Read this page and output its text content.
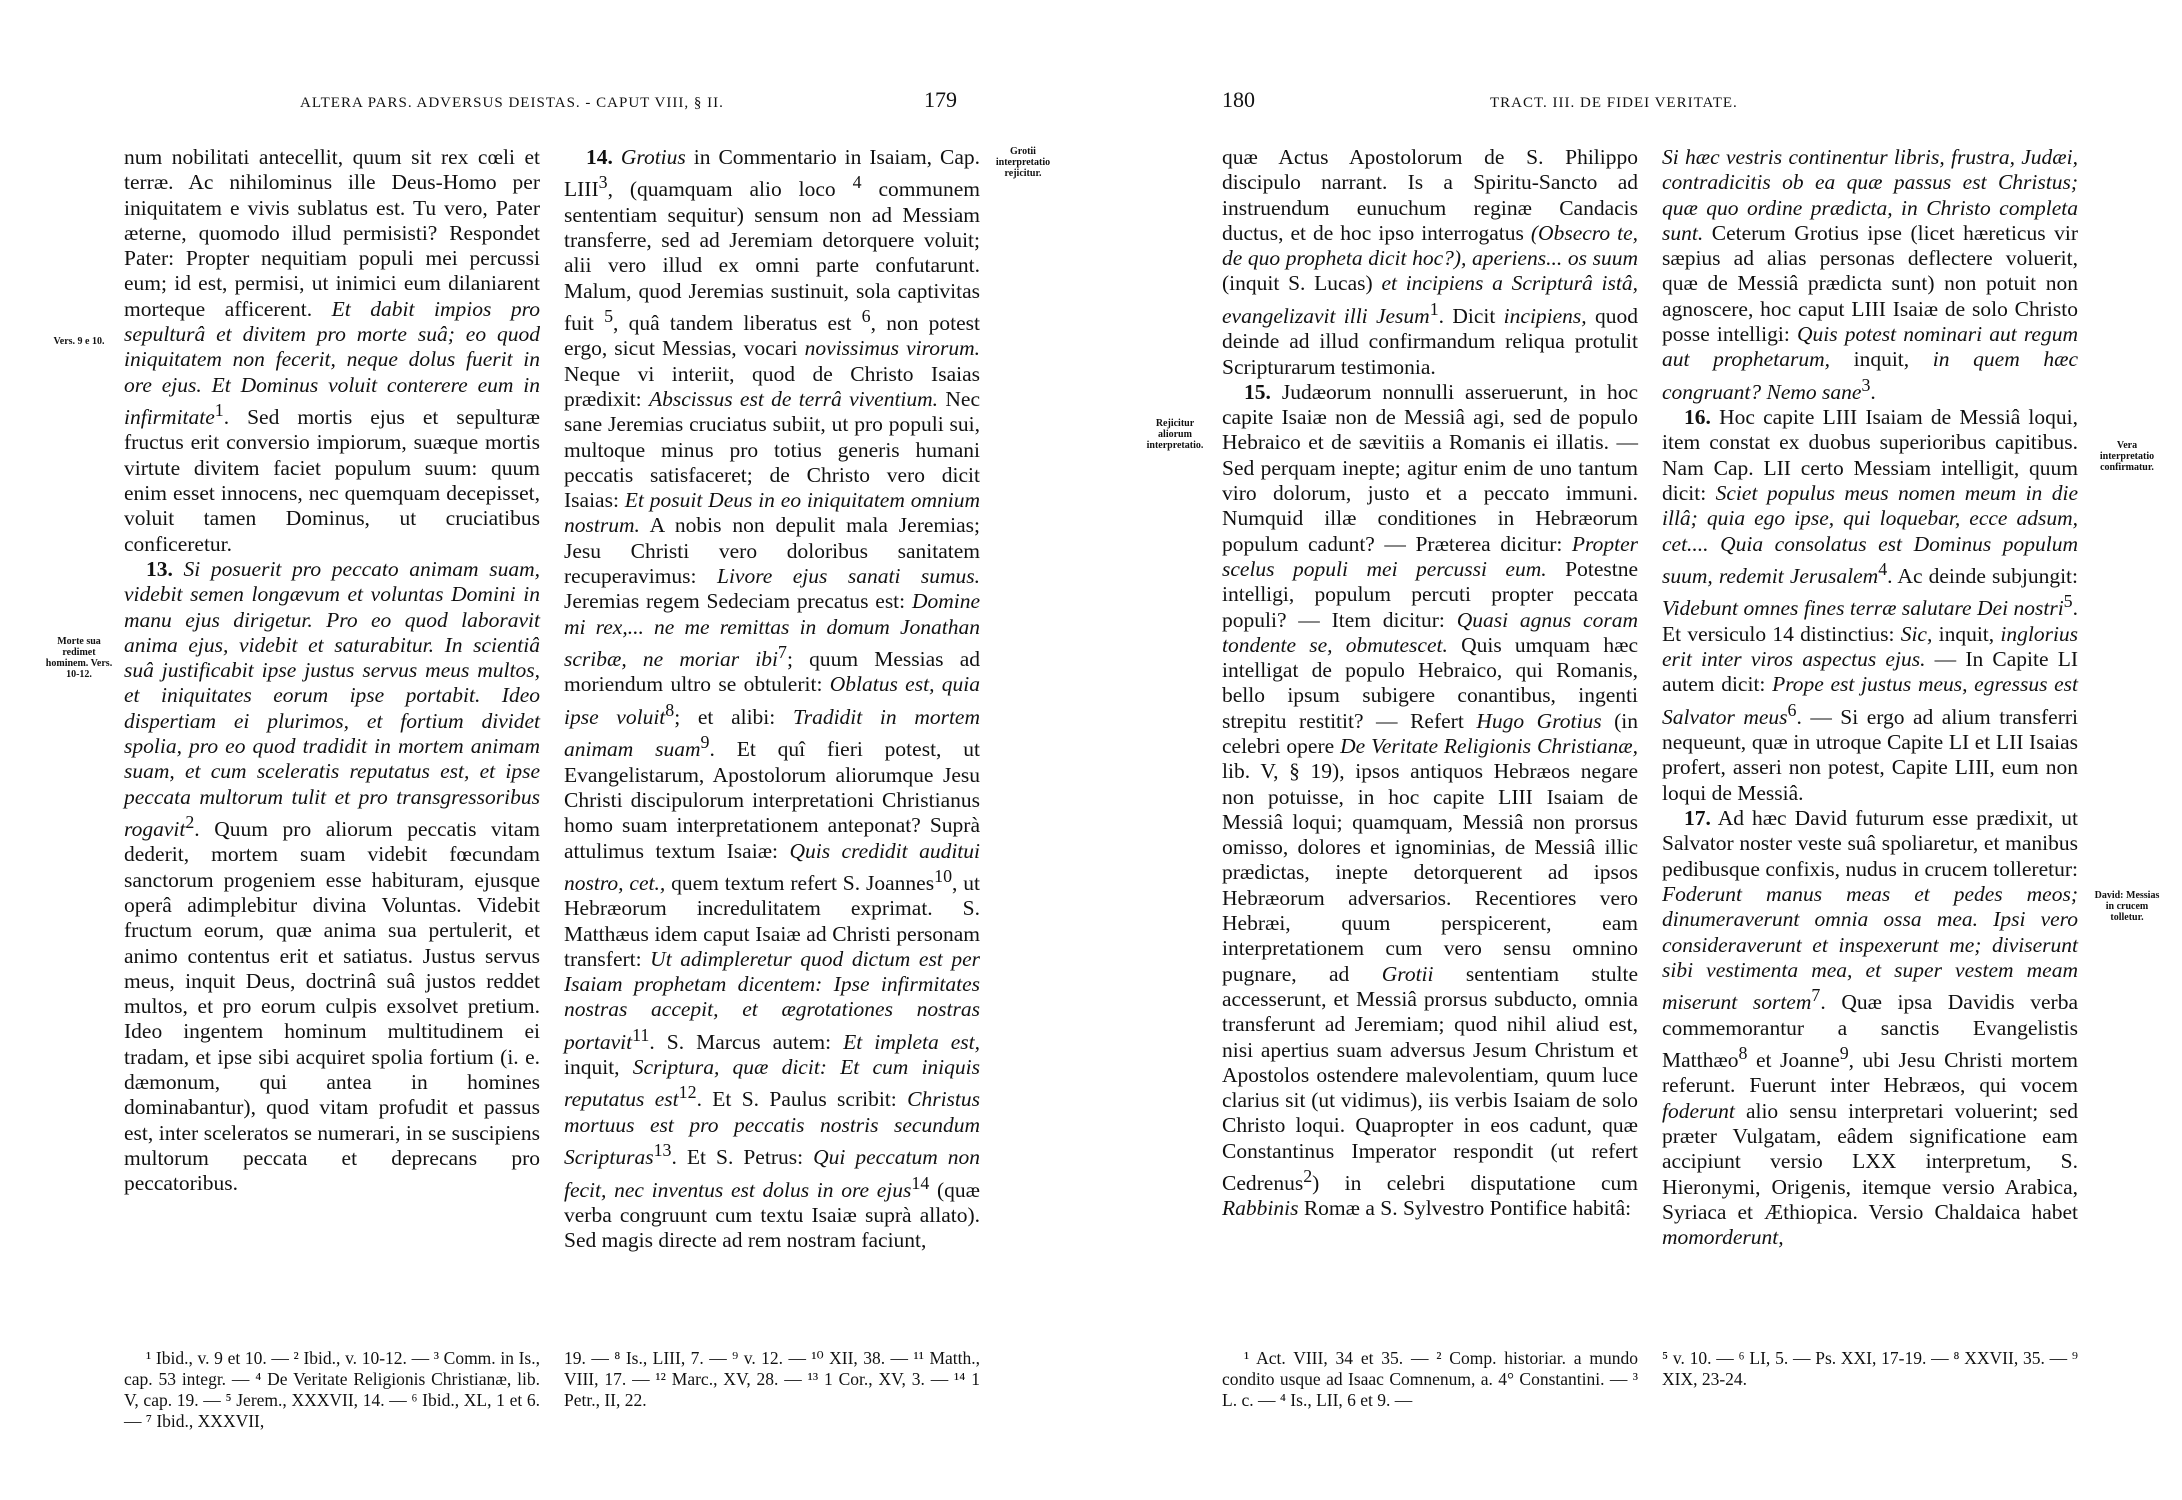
ALTERA PARS. ADVERSUS DEISTAS. - CAPUT VIII, § II.	179
Vers. 9 e 10.
Morte sua redimet hominem. Vers. 10-12.
Grotii interpretatio rejicitur.

num nobilitati antecellit, quum sit rex cœli et terræ. Ac nihilominus ille Deus-Homo per iniquitatem e vivis sublatus est. Tu vero, Pater æterne, quomodo illud permisisti? Respondet Pater: Propter nequitiam populi mei percussi eum; id est, permisi, ut inimici eum dilaniarent morteque afficerent. Et dabit impios pro sepulturâ et divitem pro morte suâ; eo quod iniquitatem non fecerit, neque dolus fuerit in ore ejus. Et Dominus voluit conterere eum in infirmitate$^1$. Sed mortis ejus et sepulturæ fructus erit conversio impiorum, suæque mortis virtute divitem faciet populum suum: quum enim esset innocens, nec quemquam decepisset, voluit tamen Dominus, ut cruciatibus conficeretur.

13. Si posuerit pro peccato animam suam, videbit semen longævum et voluntas Domini in manu ejus dirigetur. Pro eo quod laboravit anima ejus, videbit et saturabitur. In scientiâ suâ justificabit ipse justus servus meus multos, et iniquitates eorum ipse portabit. Ideo dispertiam ei plurimos, et fortium dividet spolia, pro eo quod tradidit in mortem animam suam, et cum sceleratis reputatus est, et ipse peccata multorum tulit et pro transgressoribus rogavit$^2$. Quum pro aliorum peccatis vitam dederit, mortem suam videbit fœcundam sanctorum progeniem esse habituram, ejusque operâ adimplebitur divina Voluntas. Videbit fructum eorum, quæ anima sua pertulerit, et animo contentus erit et satiatus. Justus servus meus, inquit Deus, doctrinâ suâ justos reddet multos, et pro eorum culpis exsolvet pretium. Ideo ingentem hominum multitudinem ei tradam, et ipse sibi acquiret spolia fortium (i. e. dæmonum, qui antea in homines dominabantur), quod vitam profudit et passus est, inter sceleratos se numerari, in se suscipiens multorum peccata et deprecans pro peccatoribus.

14. Grotius in Commentario in Isaiam, Cap. LIII$^3$, (quamquam alio loco $^4$ communem sententiam sequitur) sensum non ad Messiam transferre, sed ad Jeremiam detorquere voluit; alii vero illud ex omni parte confutarunt. Malum, quod Jeremias sustinuit, sola captivitas fuit $^5$, quâ tandem liberatus est $^6$, non potest ergo, sicut Messias, vocari novissimus virorum. Neque vi interiit, quod de Christo Isaias prædixit: Abscissus est de terrâ viventium. Nec sane Jeremias cruciatus subiit, ut pro populi sui, multoque minus pro totius generis humani peccatis satisfaceret; de Christo vero dicit Isaias: Et posuit Deus in eo iniquitatem omnium nostrum. A nobis non depulit mala Jeremias; Jesu Christi vero doloribus sanitatem recuperavimus: Livore ejus sanati sumus. Jeremias regem Sedeciam precatus est: Domine mi rex,... ne me remittas in domum Jonathan scribæ, ne moriar ibi$^7$; quum Messias ad moriendum ultro se obtulerit: Oblatus est, quia ipse voluit$^8$; et alibi: Tradidit in mortem animam suam$^9$. Et quî fieri potest, ut Evangelistarum, Apostolorum aliorumque Jesu Christi discipulorum interpretationi Christianus homo suam interpretationem anteponat? Suprà attulimus textum Isaiæ: Quis credidit auditui nostro, cet., quem textum refert S. Joannes$^{10}$, ut Hebræorum incredulitatem exprimat. S. Matthæus idem caput Isaiæ ad Christi personam transfert: Ut adimpleretur quod dictum est per Isaiam prophetam dicentem: Ipse infirmitates nostras accepit, et ægrotationes nostras portavit$^{11}$. S. Marcus autem: Et impleta est, inquit, Scriptura, quæ dicit: Et cum iniquis reputatus est$^{12}$. Et S. Paulus scribit: Christus mortuus est pro peccatis nostris secundum Scripturas$^{13}$. Et S. Petrus: Qui peccatum non fecit, nec inventus est dolus in ore ejus$^{14}$ (quæ verba congruunt cum textu Isaiæ suprà allato). Sed magis directe ad rem nostram faciunt,

¹ Ibid., v. 9 et 10. — ² Ibid., v. 10-12. — ³ Comm. in Is., cap. 53 integr. — ⁴ De Veritate Religionis Christianæ, lib. V, cap. 19. — ⁵ Jerem., XXXVII, 14. — ⁶ Ibid., XL, 1 et 6. — ⁷ Ibid., XXXVII,

19. — ⁸ Is., LIII, 7. — ⁹ v. 12. — ¹⁰ XII, 38. — ¹¹ Matth., VIII, 17. — ¹² Marc., XV, 28. — ¹³ 1 Cor., XV, 3. — ¹⁴ 1 Petr., II, 22.

180	TRACT. III. DE FIDEI VERITATE.
Rejicitur aliorum interpretatio.	Vera interpretatio confirmatur.
David: Messias in crucem tolletur.

quæ Actus Apostolorum de S. Philippo discipulo narrant. Is a Spiritu-Sancto ad instruendum eunuchum reginæ Candacis ductus, et de hoc ipso interrogatus (Obsecro te, de quo propheta dicit hoc?), aperiens... os suum (inquit S. Lucas) et incipiens a Scripturâ istâ, evangelizavit illi Jesum$^1$. Dicit incipiens, quod deinde ad illud confirmandum reliqua protulit Scripturarum testimonia.

15. Judæorum nonnulli asseruerunt, in hoc capite Isaiæ non de Messiâ agi, sed de populo Hebraico et de sævitiis a Romanis ei illatis. — Sed perquam inepte; agitur enim de uno tantum viro dolorum, justo et a peccato immuni. Numquid illæ conditiones in Hebræorum populum cadunt? — Præterea dicitur: Propter scelus populi mei percussi eum. Potestne intelligi, populum percuti propter peccata populi? — Item dicitur: Quasi agnus coram tondente se, obmutescet. Quis umquam hæc intelligat de populo Hebraico, qui Romanis, bello ipsum subigere conantibus, ingenti strepitu restitit? — Refert Hugo Grotius (in celebri opere De Veritate Religionis Christianæ, lib. V, § 19), ipsos antiquos Hebræos negare non potuisse, in hoc capite LIII Isaiam de Messiâ loqui; quamquam, Messiâ non prorsus omisso, dolores et ignominias, de Messiâ illic prædictas, inepte detorquerent ad ipsos Hebræorum adversarios. Recentiores vero Hebræi, quum perspicerent, eam interpretationem cum vero sensu omnino pugnare, ad Grotii sententiam stulte accesserunt, et Messiâ prorsus subducto, omnia transferunt ad Jeremiam; quod nihil aliud est, nisi apertius suam adversus Jesum Christum et Apostolos ostendere malevolentiam, quum luce clarius sit (ut vidimus), iis verbis Isaiam de solo Christo loqui. Quapropter in eos cadunt, quæ Constantinus Imperator respondit (ut refert Cedrenus$^2$) in celebri disputatione cum Rabbinis Romæ a S. Sylvestro Pontifice habitâ:

Si hæc vestris continentur libris, frustra, Judæi, contradicitis ob ea quæ passus est Christus; quæ quo ordine prædicta, in Christo completa sunt. Ceterum Grotius ipse (licet hæreticus vir sæpius ad alias personas deflectere voluerit, quæ de Messiâ prædicta sunt) non potuit non agnoscere, hoc caput LIII Isaiæ de solo Christo posse intelligi: Quis potest nominari aut regum aut prophetarum, inquit, in quem hæc congruant? Nemo sane$^3$.

16. Hoc capite LIII Isaiam de Messiâ loqui, item constat ex duobus superioribus capitibus. Nam Cap. LII certo Messiam intelligit, quum dicit: Sciet populus meus nomen meum in die illâ; quia ego ipse, qui loquebar, ecce adsum, cet.... Quia consolatus est Dominus populum suum, redemit Jerusalem$^4$. Ac deinde subjungit: Videbunt omnes fines terræ salutare Dei nostri$^5$. Et versiculo 14 distinctius: Sic, inquit, inglorius erit inter viros aspectus ejus. — In Capite LI autem dicit: Prope est justus meus, egressus est Salvator meus$^6$. — Si ergo ad alium transferri nequeunt, quæ in utroque Capite LI et LII Isaias profert, asseri non potest, Capite LIII, eum non loqui de Messiâ.

17. Ad hæc David futurum esse prædixit, ut Salvator noster veste suâ spoliaretur, et manibus pedibusque confixis, nudus in crucem tolleretur: Foderunt manus meas et pedes meos; dinumeraverunt omnia ossa mea. Ipsi vero consideraverunt et inspexerunt me; diviserunt sibi vestimenta mea, et super vestem meam miserunt sortem$^7$. Quæ ipsa Davidis verba commemorantur a sanctis Evangelistis Matthæo$^8$ et Joanne$^9$, ubi Jesu Christi mortem referunt. Fuerunt inter Hebræos, qui vocem foderunt alio sensu interpretari voluerint; sed præter Vulgatam, eâdem significatione eam accipiunt versio LXX interpretum, S. Hieronymi, Origenis, itemque versio Arabica, Syriaca et Æthiopica. Versio Chaldaica habet momorderunt,

¹ Act. VIII, 34 et 35. — ² Comp. historiar. a mundo condito usque ad Isaac Comnenum, a. 4° Constantini. — ³ L. c. — ⁴ Is., LII, 6 et 9. —

⁵ v. 10. — ⁶ LI, 5. — Ps. XXI, 17-19. — ⁸ XXVII, 35. — ⁹ XIX, 23-24.
